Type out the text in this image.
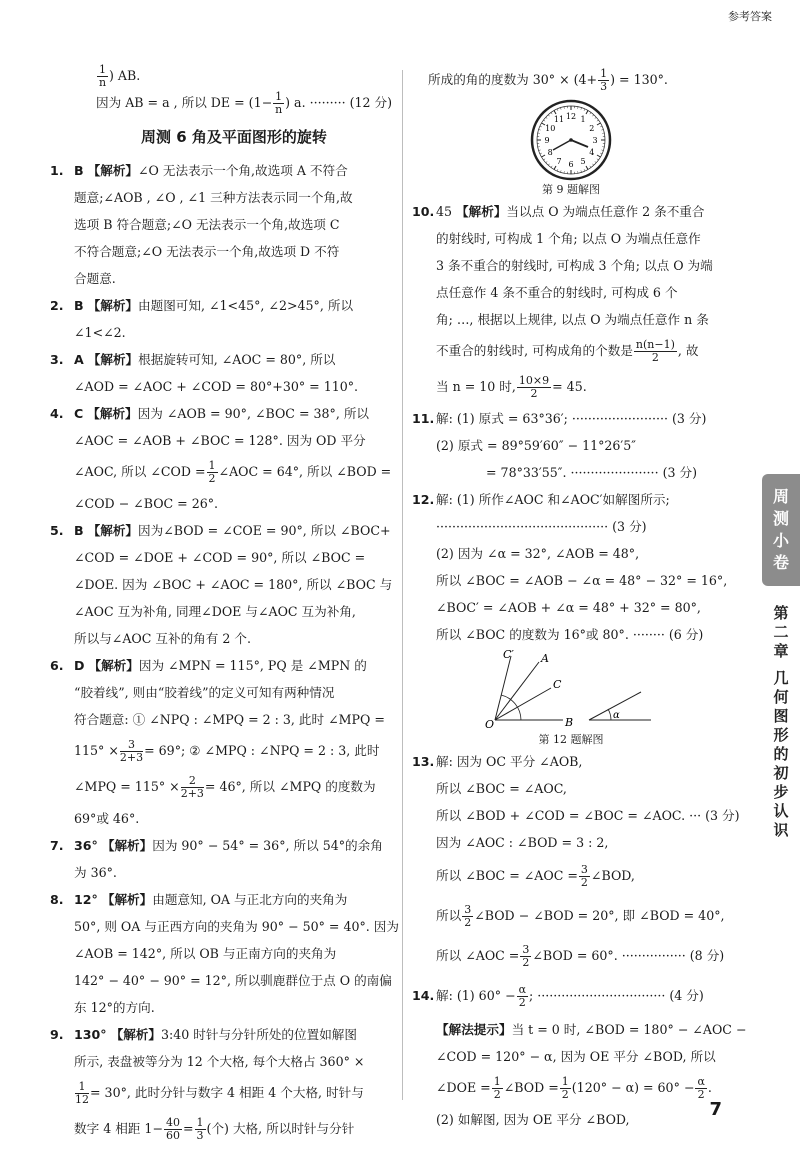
参考答案

$\frac{1}{n}$ ) AB.

因为 AB = a , 所以 DE = ($1- \frac{1}{n}$ ) a. ········· (12 分)

周测 6 角及平面图形的旋转

1. B 【解析】∠O 无法表示一个角,故选项 A 不符合

题意;∠AOB , ∠O , ∠1 三种方法表示同一个角,故

选项 B 符合题意;∠O 无法表示一个角,故选项 C

不符合题意;∠O 无法表示一个角,故选项 D 不符

合题意.

2. B 【解析】由题图可知, ∠1<45°, ∠2>45°, 所以

∠1<∠2.

3. A 【解析】根据旋转可知, ∠AOC = 80°, 所以

∠AOD = ∠AOC + ∠COD = 80°+30° = 110°.

4. C 【解析】因为 ∠AOB = 90°, ∠BOC = 38°, 所以

∠AOC = ∠AOB + ∠BOC = 128°. 因为 OD 平分

∠AOC, 所以 ∠COD = $\frac{1}{2}$ ∠AOC = 64°, 所以 ∠BOD =

∠COD − ∠BOC = 26°.

5. B 【解析】因为∠BOD = ∠COE = 90°, 所以 ∠BOC+

∠COD = ∠DOE + ∠COD = 90°, 所以 ∠BOC =

∠DOE. 因为 ∠BOC + ∠AOC = 180°, 所以 ∠BOC 与

∠AOC 互为补角, 同理∠DOE 与∠AOC 互为补角,

所以与∠AOC 互补的角有 2 个.

6. D 【解析】因为 ∠MPN = 115°, PQ 是 ∠MPN 的

“胶着线”, 则由“胶着线”的定义可知有两种情况

符合题意: ① ∠NPQ : ∠MPQ = 2 : 3, 此时 ∠MPQ =

$115^\circ \times \frac{3}{2+3} = 69^\circ$; ② ∠MPQ : ∠NPQ = 2 : 3, 此时

∠MPQ = $115^\circ \times \frac{2}{2+3} = 46^\circ$, 所以 ∠MPQ 的度数为

69°或 46°.

7. 36° 【解析】因为 90° − 54° = 36°, 所以 54°的余角

为 36°.

8. 12° 【解析】由题意知, OA 与正北方向的夹角为

50°, 则 OA 与正西方向的夹角为 90° − 50° = 40°. 因为

∠AOB = 142°, 所以 OB 与正南方向的夹角为

142° − 40° − 90° = 12°, 所以驯鹿群位于点 O 的南偏

东 12°的方向.

9. 130° 【解析】3:40 时针与分针所处的位置如解图

所示, 表盘被等分为 12 个大格, 每个大格占 360° ×

$\frac{1}{12} = 30^\circ$, 此时分针与数字 4 相距 4 个大格, 时针与

数字 4 相距 $1- \frac{40}{60} = \frac{1}{3}$ (个) 大格, 所以时针与分针

所成的角的度数为 $30^\circ \times (4+ \frac{1}{3}$ ) = 130°.

12 1
2
3
4
5
6
7
8
9
10
11
第 9 题解图

10. 45 【解析】当以点 O 为端点任意作 2 条不重合

的射线时, 可构成 1 个角; 以点 O 为端点任意作

3 条不重合的射线时, 可构成 3 个角; 以点 O 为端

点任意作 4 条不重合的射线时, 可构成 6 个

角; …, 根据以上规律, 以点 O 为端点任意作 n 条

不重合的射线时, 可构成角的个数是 $\frac{n(n-1)}{2}$ , 故

当 n = 10 时, $\frac{10\times 9}{2} = 45$.

11. 解: (1) 原式 = 63°36′; ························ (3 分)

(2) 原式 = 89°59′60″ − 11°26′5″

= 78°33′55″. ······················ (3 分)

12. 解: (1) 所作∠AOC 和∠AOC′如解图所示;

··········································· (3 分)

(2) 因为 ∠α = 32°, ∠AOB = 48°,

所以 ∠BOC = ∠AOB − ∠α = 48° − 32° = 16°,

∠BOC′ = ∠AOB + ∠α = 48° + 32° = 80°,

所以 ∠BOC 的度数为 16°或 80°. ········ (6 分)

C′ A
C
O	B
α
第 12 题解图

13. 解: 因为 OC 平分 ∠AOB,

所以 ∠BOC = ∠AOC,

所以 ∠BOD + ∠COD = ∠BOC = ∠AOC. ··· (3 分)

因为 ∠AOC : ∠BOD = 3 : 2,

所以 ∠BOC = ∠AOC = $\frac{3}{2}$ ∠BOD,

所以 $\frac{3}{2}$ ∠BOD − ∠BOD = 20°, 即 ∠BOD = 40°,

所以 ∠AOC = $\frac{3}{2}$ ∠BOD = 60°. ················ (8 分)

14. 解: (1) $60^\circ - \frac{\alpha}{2}$ ; ································ (4 分)

【解法提示】当 t = 0 时, ∠BOD = 180° − ∠AOC −

∠COD = 120° − α, 因为 OE 平分 ∠BOD, 所以

∠DOE = $\frac{1}{2}$ ∠BOD = $\frac{1}{2} (120^\circ - \alpha) = 60^\circ - \frac{\alpha}{2}$ .

(2) 如解图, 因为 OE 平分 ∠BOD,

周
测
小
卷
第
二
章
几
何
图
形
的
初
步
认
识
7
